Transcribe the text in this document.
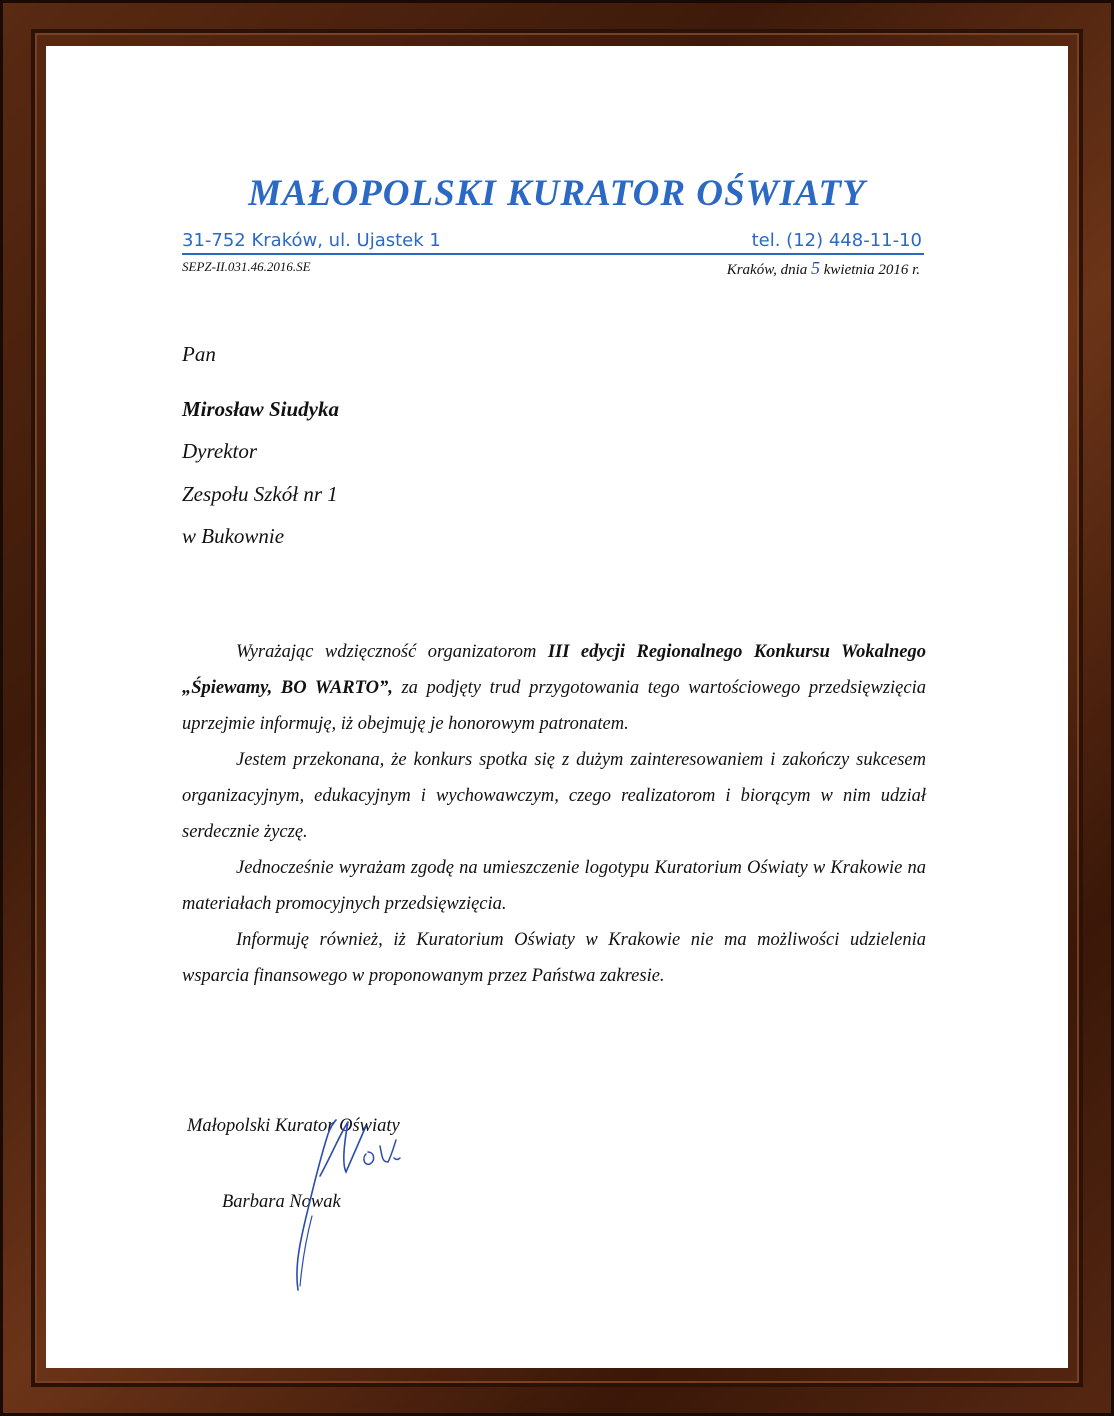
MAŁOPOLSKI KURATOR OŚWIATY
31-752 Kraków, ul. Ujastek 1	tel. (12) 448-11-10
SEPZ-II.031.46.2016.SE	Kraków, dnia 5 kwietnia 2016 r.
Pan
Mirosław Siudyka
Dyrektor
Zespołu Szkół nr 1
w Bukownie

Wyrażając wdzięczność organizatorom III edycji Regionalnego Konkursu Wokalnego „Śpiewamy, BO WARTO”, za podjęty trud przygotowania tego wartościowego przedsięwzięcia uprzejmie informuję, iż obejmuję je honorowym patronatem.

Jestem przekonana, że konkurs spotka się z dużym zainteresowaniem i zakończy sukcesem organizacyjnym, edukacyjnym i wychowawczym, czego realizatorom i biorącym w nim udział serdecznie życzę.

Jednocześnie wyrażam zgodę na umieszczenie logotypu Kuratorium Oświaty w Krakowie na materiałach promocyjnych przedsięwzięcia.

Informuję również, iż Kuratorium Oświaty w Krakowie nie ma możliwości udzielenia wsparcia finansowego w proponowanym przez Państwa zakresie.

Małopolski Kurator Oświaty
Barbara Nowak
